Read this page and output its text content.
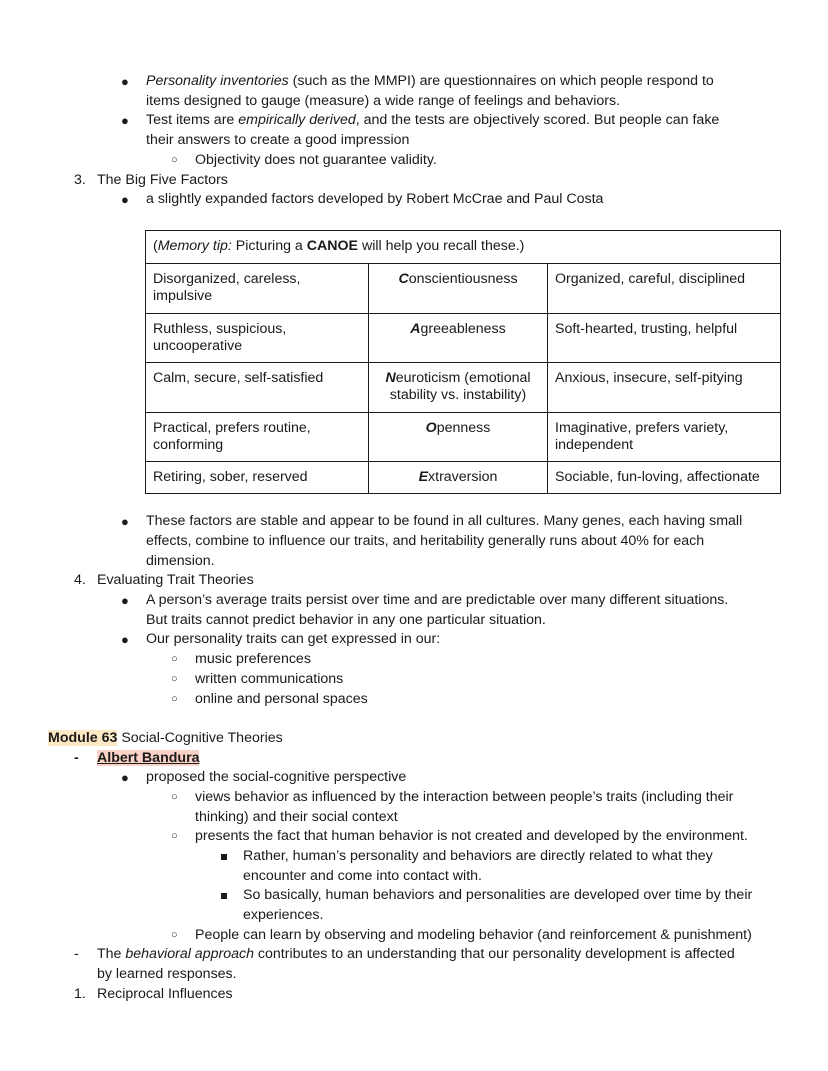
● Personality inventories (such as the MMPI) are questionnaires on which people respond to
items designed to gauge (measure) a wide range of feelings and behaviors.
● Test items are empirically derived, and the tests are objectively scored. But people can fake
their answers to create a good impression
○ Objectivity does not guarantee validity.
3. The Big Five Factors
● a slightly expanded factors developed by Robert McCrae and Paul Costa
(Memory tip: Picturing a CANOE will help you recall these.)		
Disorganized, careless, impulsive	Conscientiousness	Organized, careful, disciplined
Ruthless, suspicious, uncooperative	Agreeableness	Soft-hearted, trusting, helpful
Calm, secure, self-satisfied	Neuroticism (emotional stability vs. instability)	Anxious, insecure, self-pitying
Practical, prefers routine, conforming	Openness	Imaginative, prefers variety, independent
Retiring, sober, reserved	Extraversion	Sociable, fun-loving, affectionate
● These factors are stable and appear to be found in all cultures. Many genes, each having small
effects, combine to influence our traits, and heritability generally runs about 40% for each
dimension.
4. Evaluating Trait Theories
● A person’s average traits persist over time and are predictable over many different situations.
But traits cannot predict behavior in any one particular situation.
● Our personality traits can get expressed in our:
○ music preferences
○ written communications
○ online and personal spaces
Module 63 Social-Cognitive Theories
- Albert Bandura
● proposed the social-cognitive perspective
○ views behavior as influenced by the interaction between people’s traits (including their
thinking) and their social context
○ presents the fact that human behavior is not created and developed by the environment.
Rather, human’s personality and behaviors are directly related to what they
encounter and come into contact with.
So basically, human behaviors and personalities are developed over time by their
experiences.
○ People can learn by observing and modeling behavior (and reinforcement & punishment)
- The behavioral approach contributes to an understanding that our personality development is affected
by learned responses.
1. Reciprocal Influences
